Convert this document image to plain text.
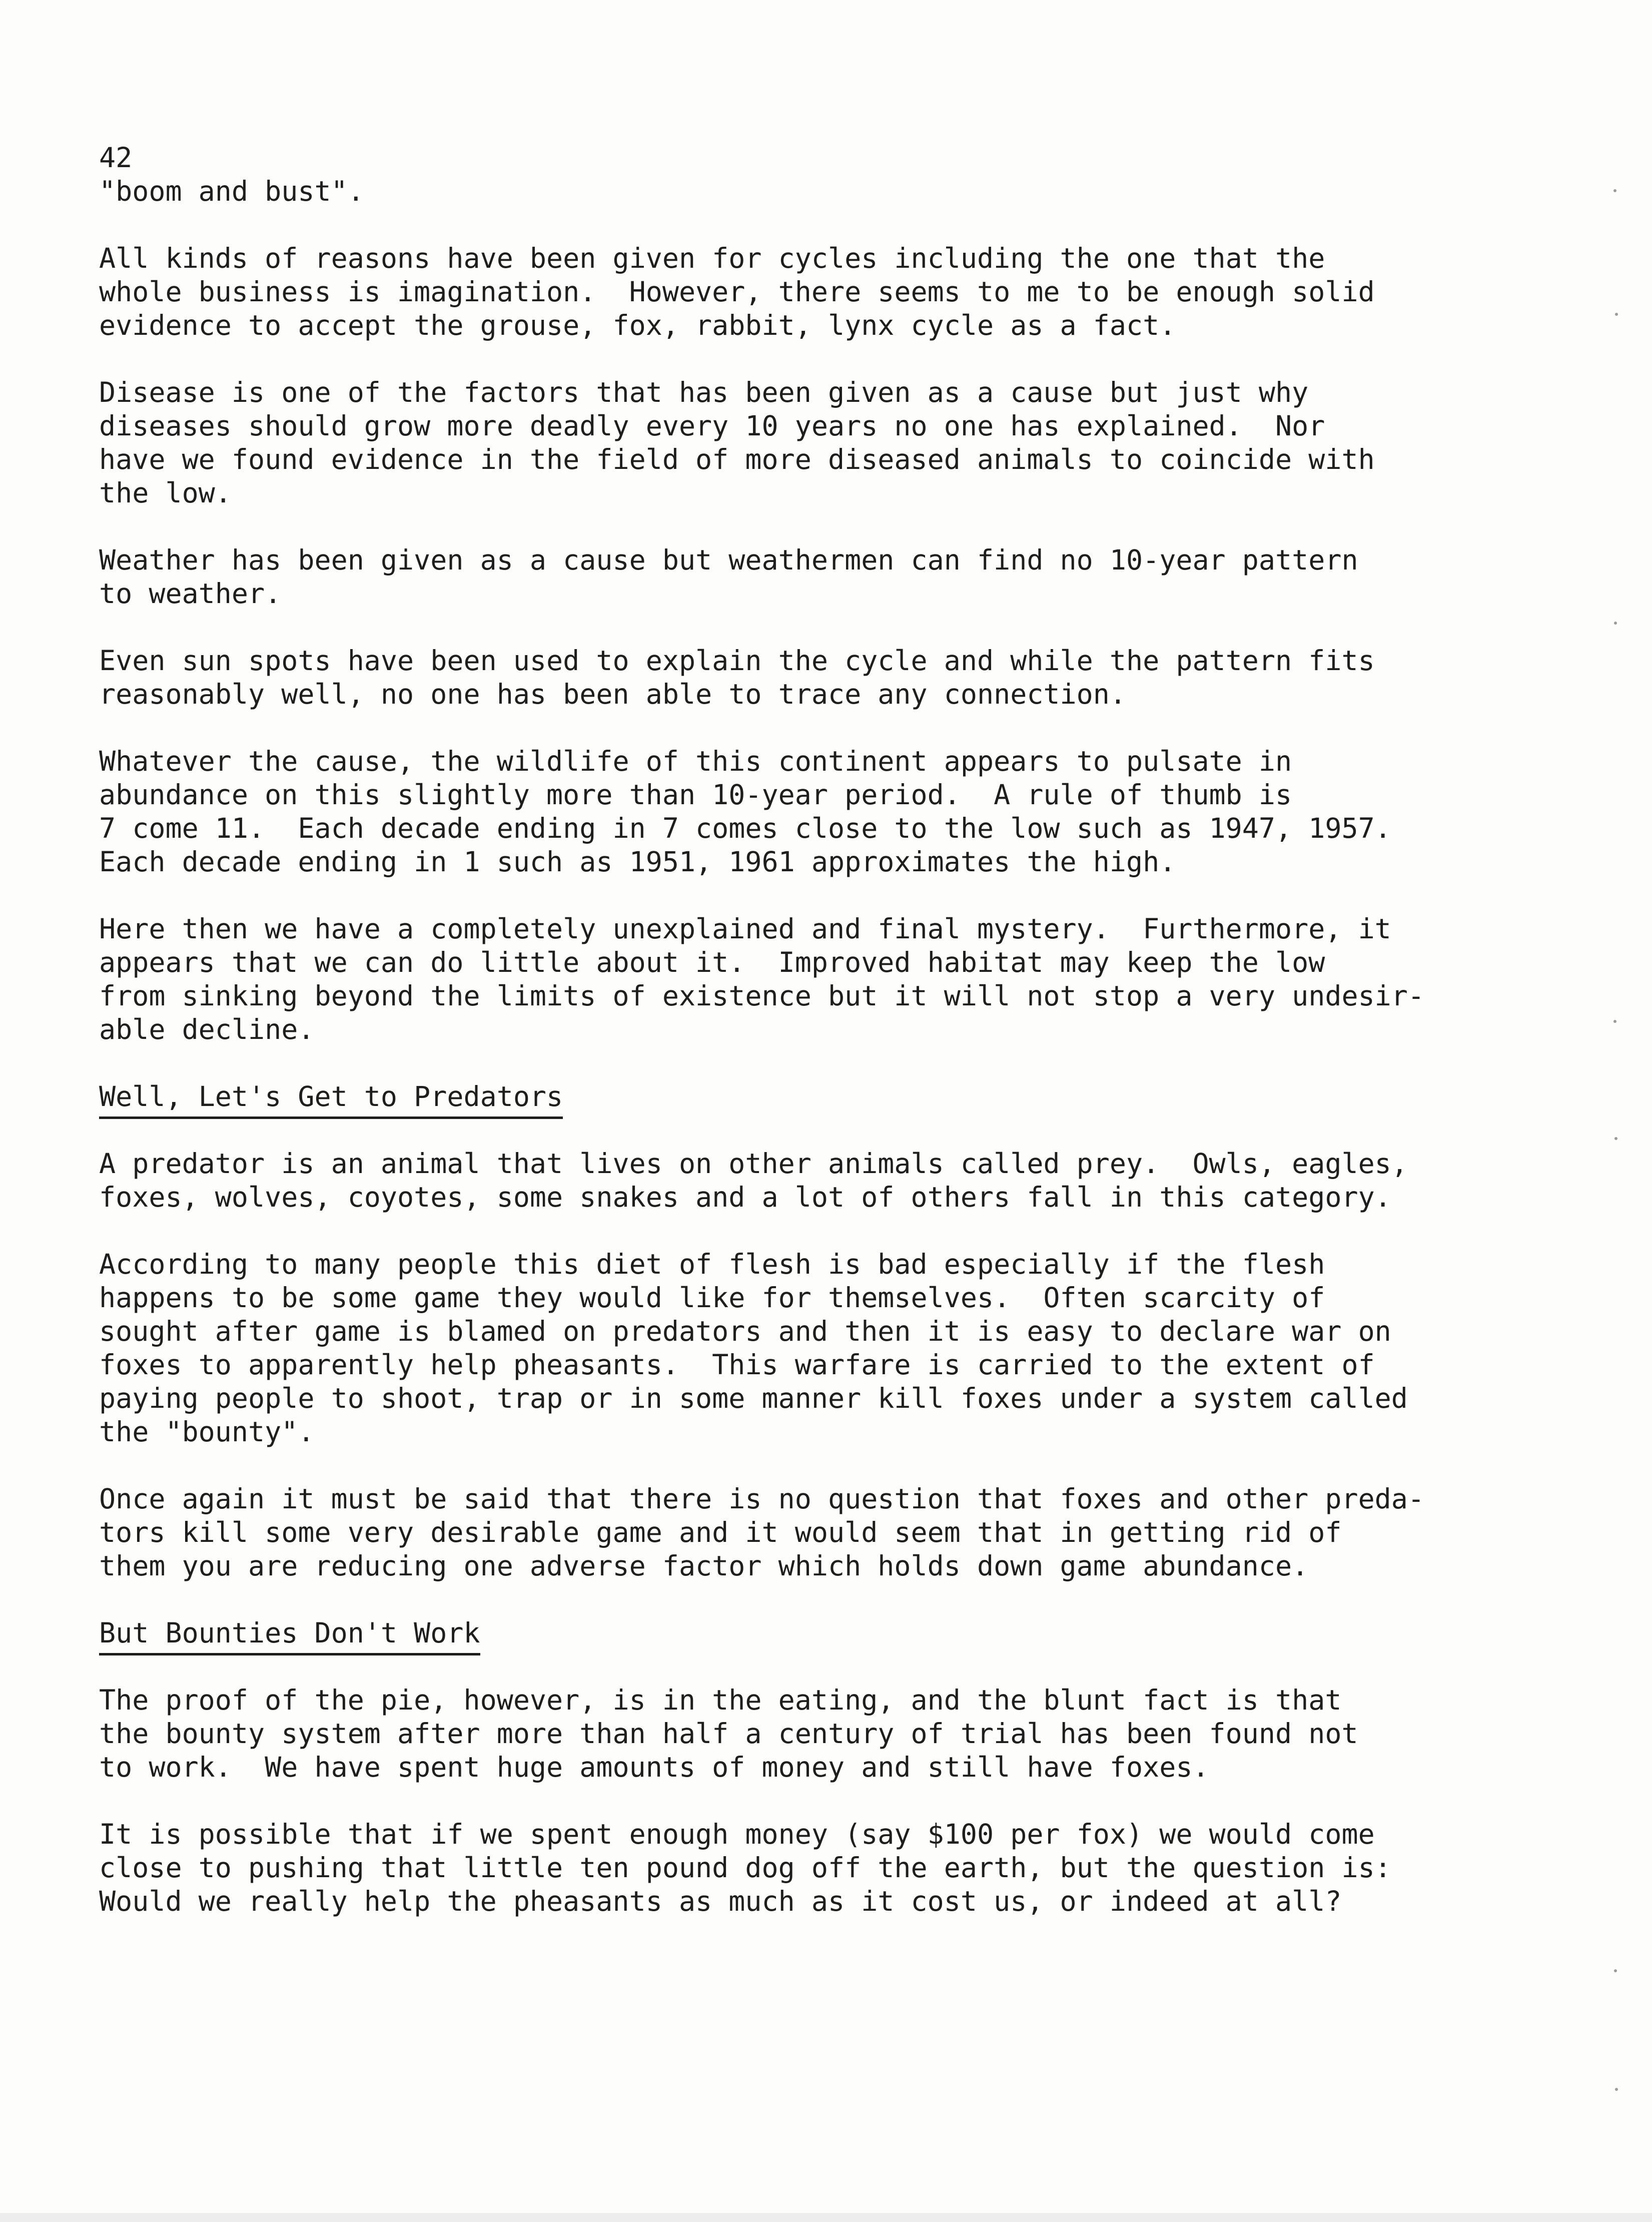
42
"boom and bust".
All kinds of reasons have been given for cycles including the one that the
whole business is imagination.  However, there seems to me to be enough solid
evidence to accept the grouse, fox, rabbit, lynx cycle as a fact.
Disease is one of the factors that has been given as a cause but just why
diseases should grow more deadly every 10 years no one has explained.  Nor
have we found evidence in the field of more diseased animals to coincide with
the low.
Weather has been given as a cause but weathermen can find no 10-year pattern
to weather.
Even sun spots have been used to explain the cycle and while the pattern fits
reasonably well, no one has been able to trace any connection.
Whatever the cause, the wildlife of this continent appears to pulsate in
abundance on this slightly more than 10-year period.  A rule of thumb is
7 come 11.  Each decade ending in 7 comes close to the low such as 1947, 1957.
Each decade ending in 1 such as 1951, 1961 approximates the high.
Here then we have a completely unexplained and final mystery.  Furthermore, it
appears that we can do little about it.  Improved habitat may keep the low
from sinking beyond the limits of existence but it will not stop a very undesir-
able decline.
Well, Let's Get to Predators
A predator is an animal that lives on other animals called prey.  Owls, eagles,
foxes, wolves, coyotes, some snakes and a lot of others fall in this category.
According to many people this diet of flesh is bad especially if the flesh
happens to be some game they would like for themselves.  Often scarcity of
sought after game is blamed on predators and then it is easy to declare war on
foxes to apparently help pheasants.  This warfare is carried to the extent of
paying people to shoot, trap or in some manner kill foxes under a system called
the "bounty".
Once again it must be said that there is no question that foxes and other preda-
tors kill some very desirable game and it would seem that in getting rid of
them you are reducing one adverse factor which holds down game abundance.
But Bounties Don't Work
The proof of the pie, however, is in the eating, and the blunt fact is that
the bounty system after more than half a century of trial has been found not
to work.  We have spent huge amounts of money and still have foxes.
It is possible that if we spent enough money (say $100 per fox) we would come
close to pushing that little ten pound dog off the earth, but the question is:
Would we really help the pheasants as much as it cost us, or indeed at all?
